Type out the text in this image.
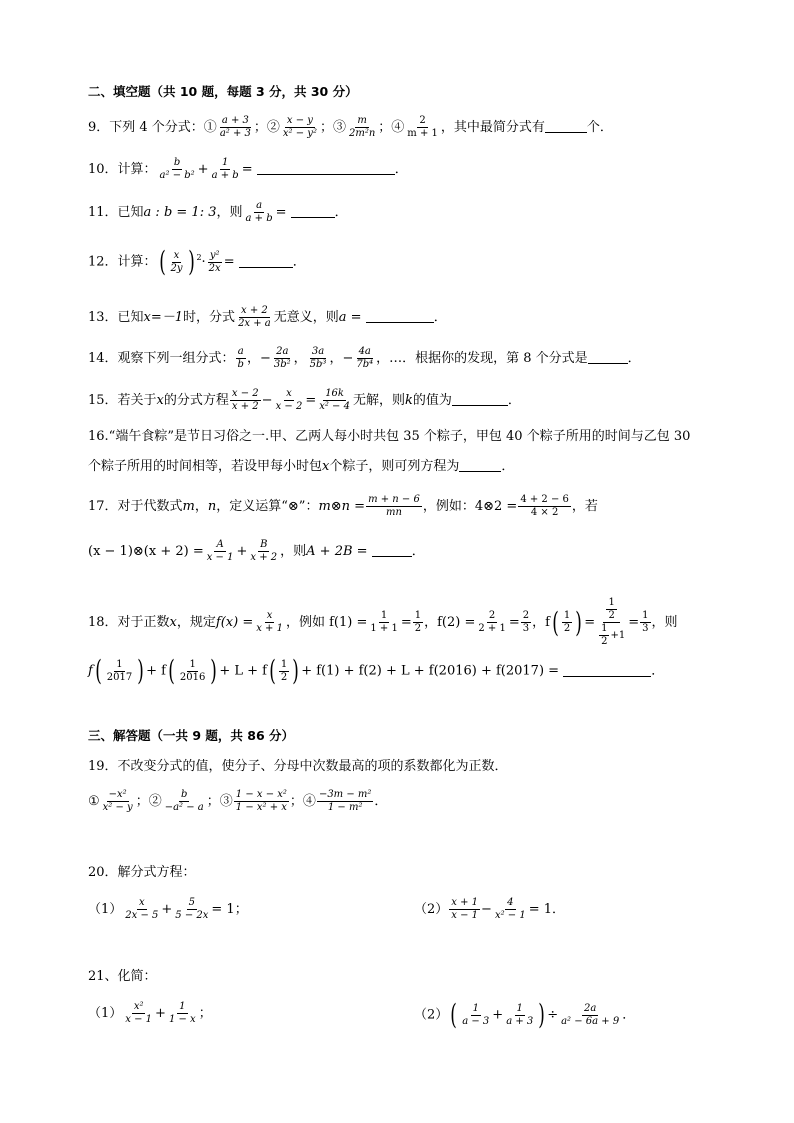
二、填空题（共 10 题，每题 3 分，共 30 分）
9．下列 4 个分式：① $\frac{a + 3}{\text{a² + 3}}$ ；② $\frac{x - y}{\text{x² − y²}}$ ；③ $\frac{m}{\text{2m²n}}$ ；④ $\frac{2}{m + 1}$ ，其中最简分式有	个．
10．计算： $\frac{b}{\text{a² − b²}} + \frac{1}{a + b}$ =	．
11．已知a : b = 1: 3，则 $\frac{a}{a + b}$ =	．
12．计算：( $\frac{x}{2y}$ ) $^2\cdot \frac{\text{y²}}{2x}$ =	．
13．已知x=－1时，分式 $\frac{x + 2}{2x + a}$ 无意义，则a =	．
14．观察下列一组分式： $\frac{a}{b}$ ，− $\frac{2a}{\text{3b²}}$ ， $\frac{3a}{\text{5b³}}$ ，− $\frac{4a}{\text{7b⁴}}$ ，…．根据你的发现，第 8 个分式是	．
15．若关于x的分式方程 $\frac{x - 2}{x + 2} - \frac{x}{x - 2} = \frac{16k}{\text{x² − 4}}$ 无解，则k的值为	．
16.“端午食粽”是节日习俗之一.甲、乙两人每小时共包 35 个粽子，甲包 40 个粽子所用的时间与乙包 30
个粽子所用的时间相等，若设甲每小时包x个粽子，则可列方程为	．
17．对于代数式m，n，定义运算“⊗”：m⊗n = $\frac{m + n - 6}{mn}$ ，例如：4⊗2 = $\frac{4 + 2 - 6}{4 \times 2}$ ，若
(x − 1)⊗(x + $2) = \frac{A}{x - 1} + \frac{B}{x + 2}$ ，则A + 2B =	．
18．对于正数x，规定$f(x) = \frac{x}{x + 1}$ ，例如 $f(1) = \frac{1}{1 + 1} = \frac{1}{2}$ ，$f(2) = \frac{2}{2 + 1} = \frac{2}{3}$ ，$f( \frac{1}{2}$ ) = $\frac{\frac{1}{2}}{\frac{1}{2} +1} = \frac{1}{3}$ ，则
$f( \frac{1}{2017}$ ) + $f( \frac{1}{2016}$ ) + $L + f( \frac{1}{2}$ ) + f(1) + f(2) + L + f(2016) + f(2017) =	．
三、解答题（一共 9 题，共 86 分）
19．不改变分式的值，使分子、分母中次数最高的项的系数都化为正数．
① $\frac{\text{−x²}}{\text{x² − y}}$ ；② $\frac{b}{\text{−a² − a}}$ ；③ $\frac{\text{1 − x − x²}}{\text{1 − x² + x}}$ ；④ $\frac{\text{−3m − m²}}{\text{1 − m²}}$ ．
20．解分式方程：
$(1) \frac{x}{2x - 5} + \frac{5}{5 - 2x} = 1$；	$(2) \frac{x + 1}{x - 1} - \frac{4}{\text{x² − 1}} = 1$．
21、化简：
$(1) \frac{\text{x²}}{x - 1} + \frac{1}{1 - x}$ ；	$(2)( \frac{1}{a - 3} + \frac{1}{a + 3}$ ) ÷ $\frac{2a}{\text{a² − 6a + 9}}$ ．
